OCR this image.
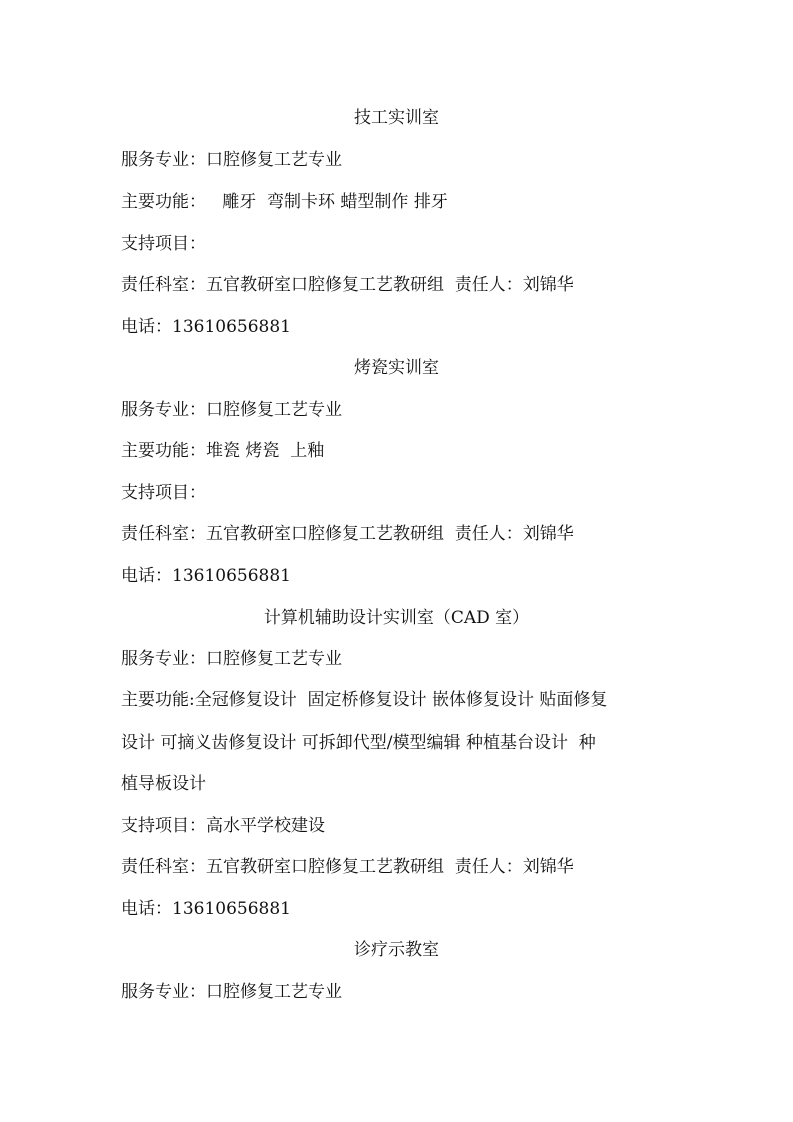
技工实训室
服务专业：口腔修复工艺专业
主要功能：   雕牙  弯制卡环 蜡型制作 排牙
支持项目：
责任科室：五官教研室口腔修复工艺教研组  责任人：刘锦华
电话：13610656881
烤瓷实训室
服务专业：口腔修复工艺专业
主要功能：堆瓷 烤瓷  上釉
支持项目：
责任科室：五官教研室口腔修复工艺教研组  责任人：刘锦华
电话：13610656881
计算机辅助设计实训室（CAD 室）
服务专业：口腔修复工艺专业
主要功能:全冠修复设计  固定桥修复设计 嵌体修复设计 贴面修复
设计 可摘义齿修复设计 可拆卸代型/模型编辑 种植基台设计  种
植导板设计
支持项目：高水平学校建设
责任科室：五官教研室口腔修复工艺教研组  责任人：刘锦华
电话：13610656881
诊疗示教室
服务专业：口腔修复工艺专业
